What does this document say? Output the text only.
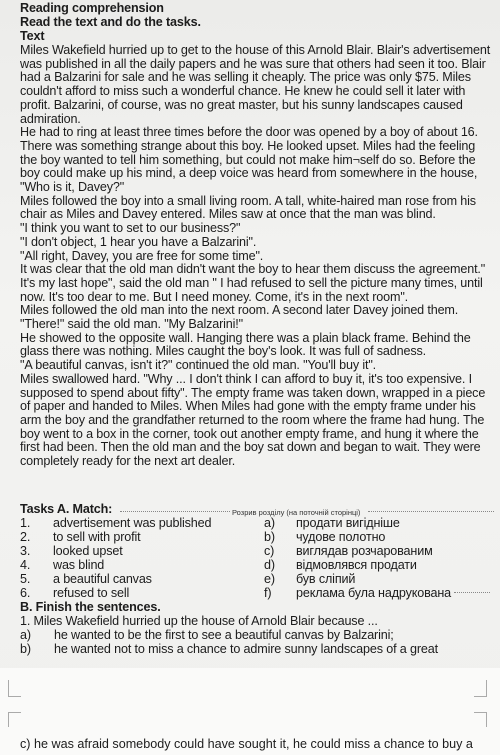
Reading comprehension
Read the text and do the tasks.
Text

Miles Wakefield hurried up to get to the house of this Arnold Blair. Blair's advertisement was published in all the daily papers and he was sure that others had seen it too. Blair had a Balzarini for sale and he was selling it cheaply. The price was only $75. Miles couldn't afford to miss such a wonderful chance. He knew he could sell it later with profit. Balzarini, of course, was no great master, but his sunny landscapes caused admiration.

He had to ring at least three times before the door was opened by a boy of about 16. There was something strange about this boy. He looked upset. Miles had the feeling the boy wanted to tell him something, but could not make him¬self do so. Before the boy could make up his mind, a deep voice was heard from somewhere in the house, "Who is it, Davey?"

Miles followed the boy into a small living room. A tall, white-haired man rose from his chair as Miles and Davey entered. Miles saw at once that the man was blind.

"I think you want to set to our business?"

"I don't object, 1 hear you have a Balzarini".

"All right, Davey, you are free for some time".

It was clear that the old man didn't want the boy to hear them discuss the agreement." It's my last hope", said the old man " I had refused to sell the picture many times, until now. It's too dear to me. But I need money. Come, it's in the next room".

Miles followed the old man into the next room. A second later Davey joined them. "There!" said the old man. "My Balzarini!"

He showed to the opposite wall. Hanging there was a plain black frame. Behind the glass there was nothing. Miles caught the boy's look. It was full of sadness.

"A beautiful canvas, isn't it?" continued the old man. "You'll buy it".

Miles swallowed hard. "Why ... I don't think I can afford to buy it, it's too expensive. I supposed to spend about fifty". The empty frame was taken down, wrapped in a piece of paper and handed to Miles. When Miles had gone with the empty frame under his arm the boy and the grandfather returned to the room where the frame had hung. The boy went to a box in the corner, took out another empty frame, and hung it where the first had been. Then the old man and the boy sat down and began to wait. They were completely ready for the next art dealer.

Tasks A. Match:	Розрив розділу (на поточній сторінці)
1. advertisement was published	a) продати вигідніше
2. to sell with profit	b) чудове полотно
3. looked upset	c) виглядав розчарованим
4. was blind	d) відмовлявся продати
5. a beautiful canvas	e) був сліпий
6. refused to sell	f) реклама була надрукована
B. Finish the sentences.
1. Miles Wakefield hurried up the house of Arnold Blair because ...
a) he wanted to be the first to see a beautiful canvas by Balzarini;
b) he wanted not to miss a chance to admire sunny landscapes of a great
c) he was afraid somebody could have sought it, he could miss a chance to buy a
